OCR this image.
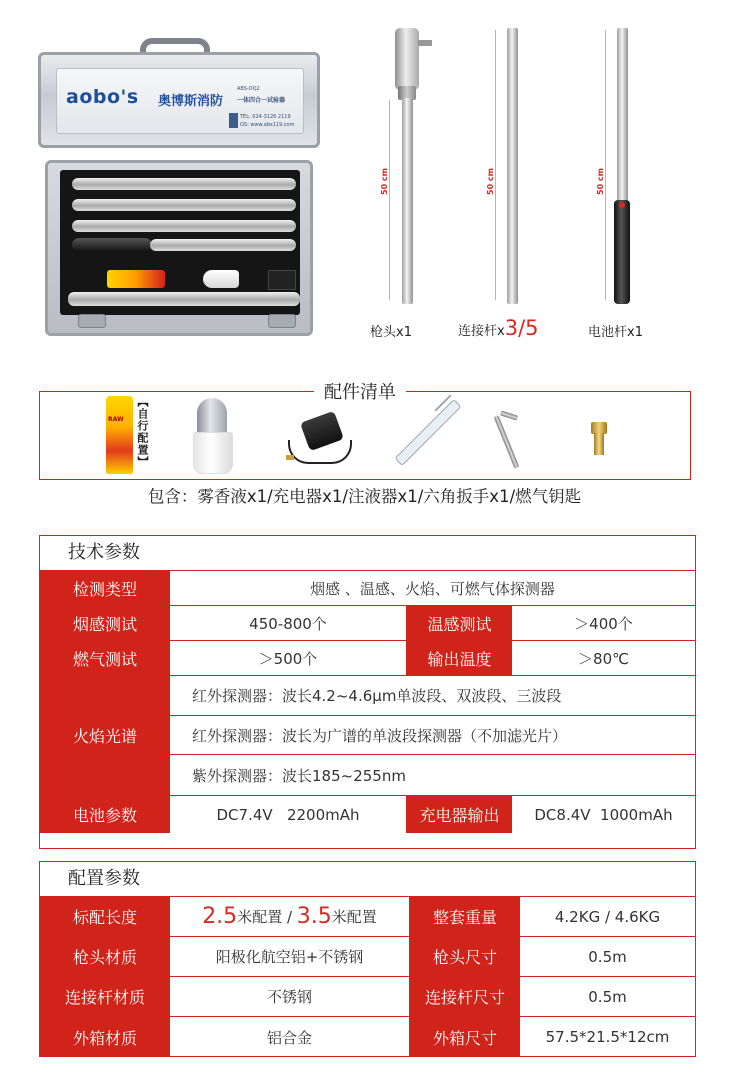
aobo's 奥博斯消防
ABS-DQ2
一体四合一试验器
TEL: 024-3126 2119
OS: www.abs119.com
50 cm	50 cm	50 cm
枪头x1	连接杆x3/5	电池杆x1
配件清单
RAW 【自行配置】
包含：雾香液x1/充电器x1/注液器x1/六角扳手x1/燃气钥匙
技术参数
检测类型	烟感 、温感、火焰、可燃气体探测器
烟感测试	450-800个	温感测试	＞400个
燃气测试	＞500个	输出温度	＞80℃
火焰光谱
红外探测器：波长4.2~4.6μm单波段、双波段、三波段
红外探测器：波长为广谱的单波段探测器（不加滤光片）
紫外探测器：波长185~255nm
电池参数	DC7.4V   2200mAh	充电器输出	DC8.4V  1000mAh
配置参数
标配长度	2.5 米配置 / 3.5 米配置	整套重量	4.2KG / 4.6KG
枪头材质	阳极化航空铝+不锈钢	枪头尺寸	0.5m
连接杆材质	不锈钢	连接杆尺寸	0.5m
外箱材质	铝合金	外箱尺寸	57.5*21.5*12cm
